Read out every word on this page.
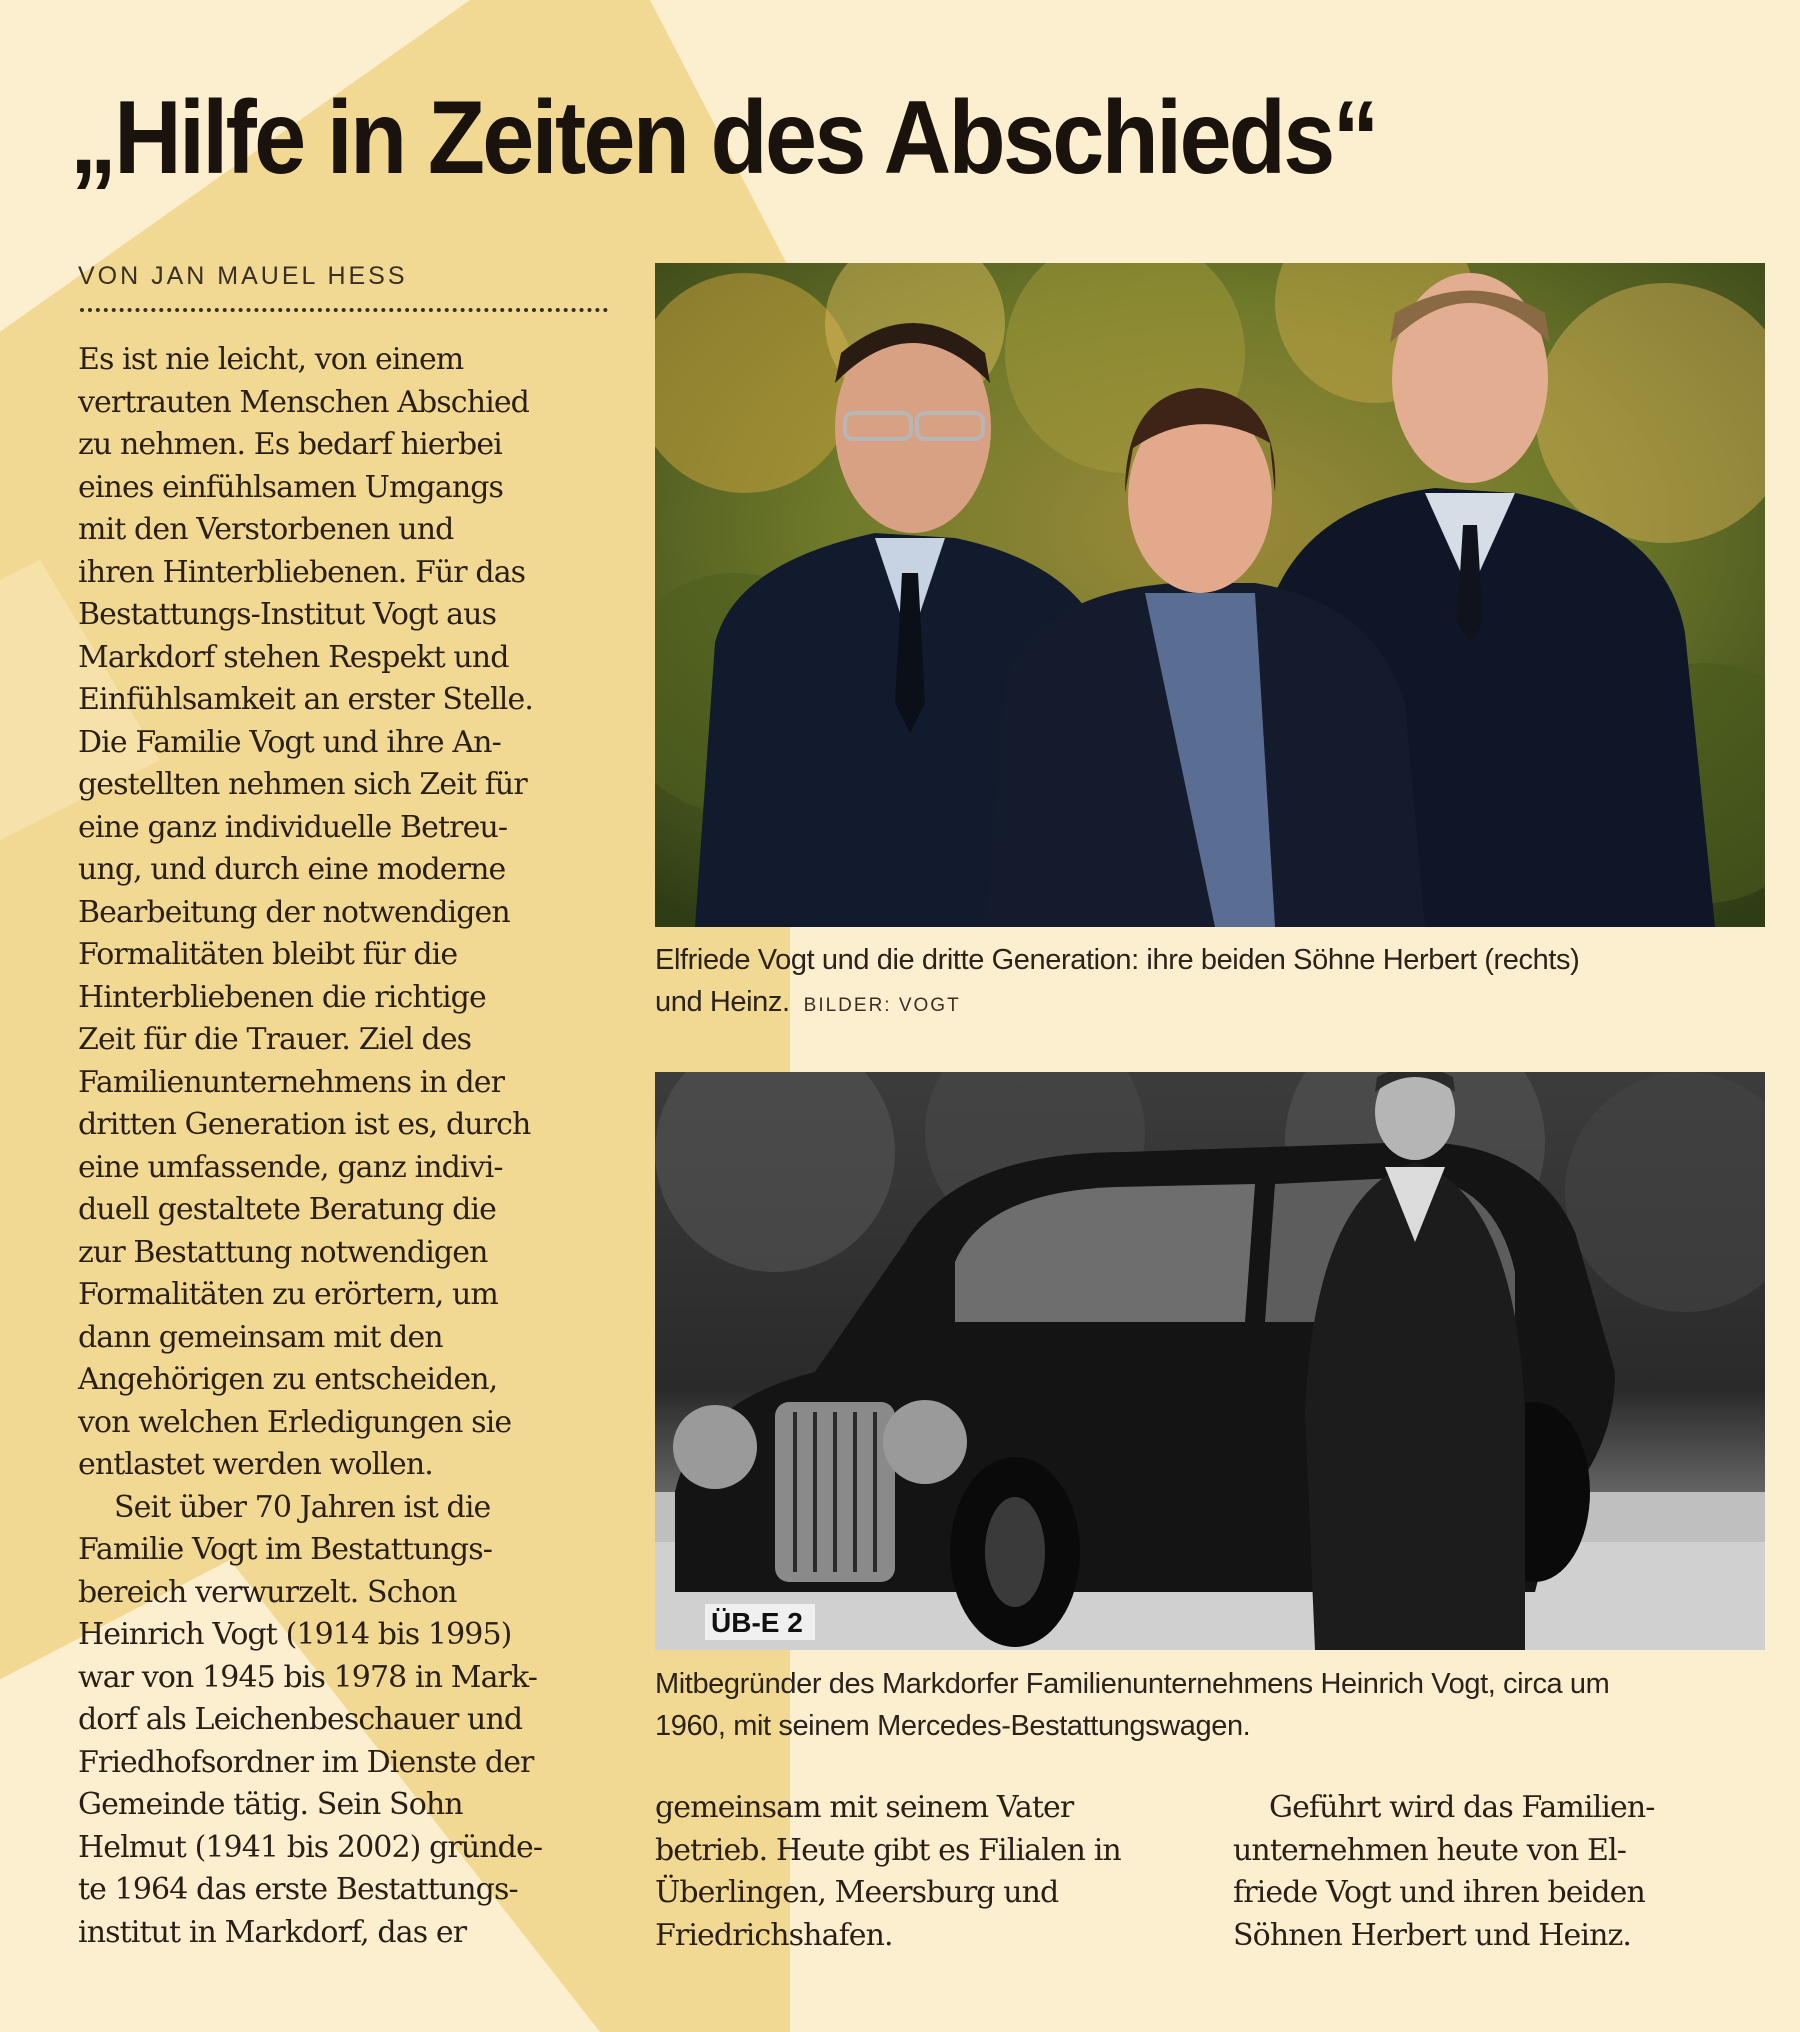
„Hilfe in Zeiten des Abschieds“
VON JAN MAUEL HESS
Es ist nie leicht, von einem
vertrauten Menschen Abschied
zu nehmen. Es bedarf hierbei
eines einfühlsamen Umgangs
mit den Verstorbenen und
ihren Hinterbliebenen. Für das
Bestattungs-Institut Vogt aus
Markdorf stehen Respekt und
Einfühlsamkeit an erster Stelle.
Die Familie Vogt und ihre An-
gestellten nehmen sich Zeit für
eine ganz individuelle Betreu-
ung, und durch eine moderne
Bearbeitung der notwendigen
Formalitäten bleibt für die
Hinterbliebenen die richtige
Zeit für die Trauer. Ziel des
Familienunternehmens in der
dritten Generation ist es, durch
eine umfassende, ganz indivi-
duell gestaltete Beratung die
zur Bestattung notwendigen
Formalitäten zu erörtern, um
dann gemeinsam mit den
Angehörigen zu entscheiden,
von welchen Erledigungen sie
entlastet werden wollen.
Seit über 70 Jahren ist die
Familie Vogt im Bestattungs-
bereich verwurzelt. Schon
Heinrich Vogt (1914 bis 1995)
war von 1945 bis 1978 in Mark-
dorf als Leichenbeschauer und
Friedhofsordner im Dienste der
Gemeinde tätig. Sein Sohn
Helmut (1941 bis 2002) gründe-
te 1964 das erste Bestattungs-
institut in Markdorf, das er
Elfriede Vogt und die dritte Generation: ihre beiden Söhne Herbert (rechts)
und Heinz. BILDER: VOGT
ÜB-E 2
Mitbegründer des Markdorfer Familienunternehmens Heinrich Vogt, circa um
1960, mit seinem Mercedes-Bestattungswagen.
gemeinsam mit seinem Vater
betrieb. Heute gibt es Filialen in
Überlingen, Meersburg und
Friedrichshafen.
Geführt wird das Familien-
unternehmen heute von El-
friede Vogt und ihren beiden
Söhnen Herbert und Heinz.
